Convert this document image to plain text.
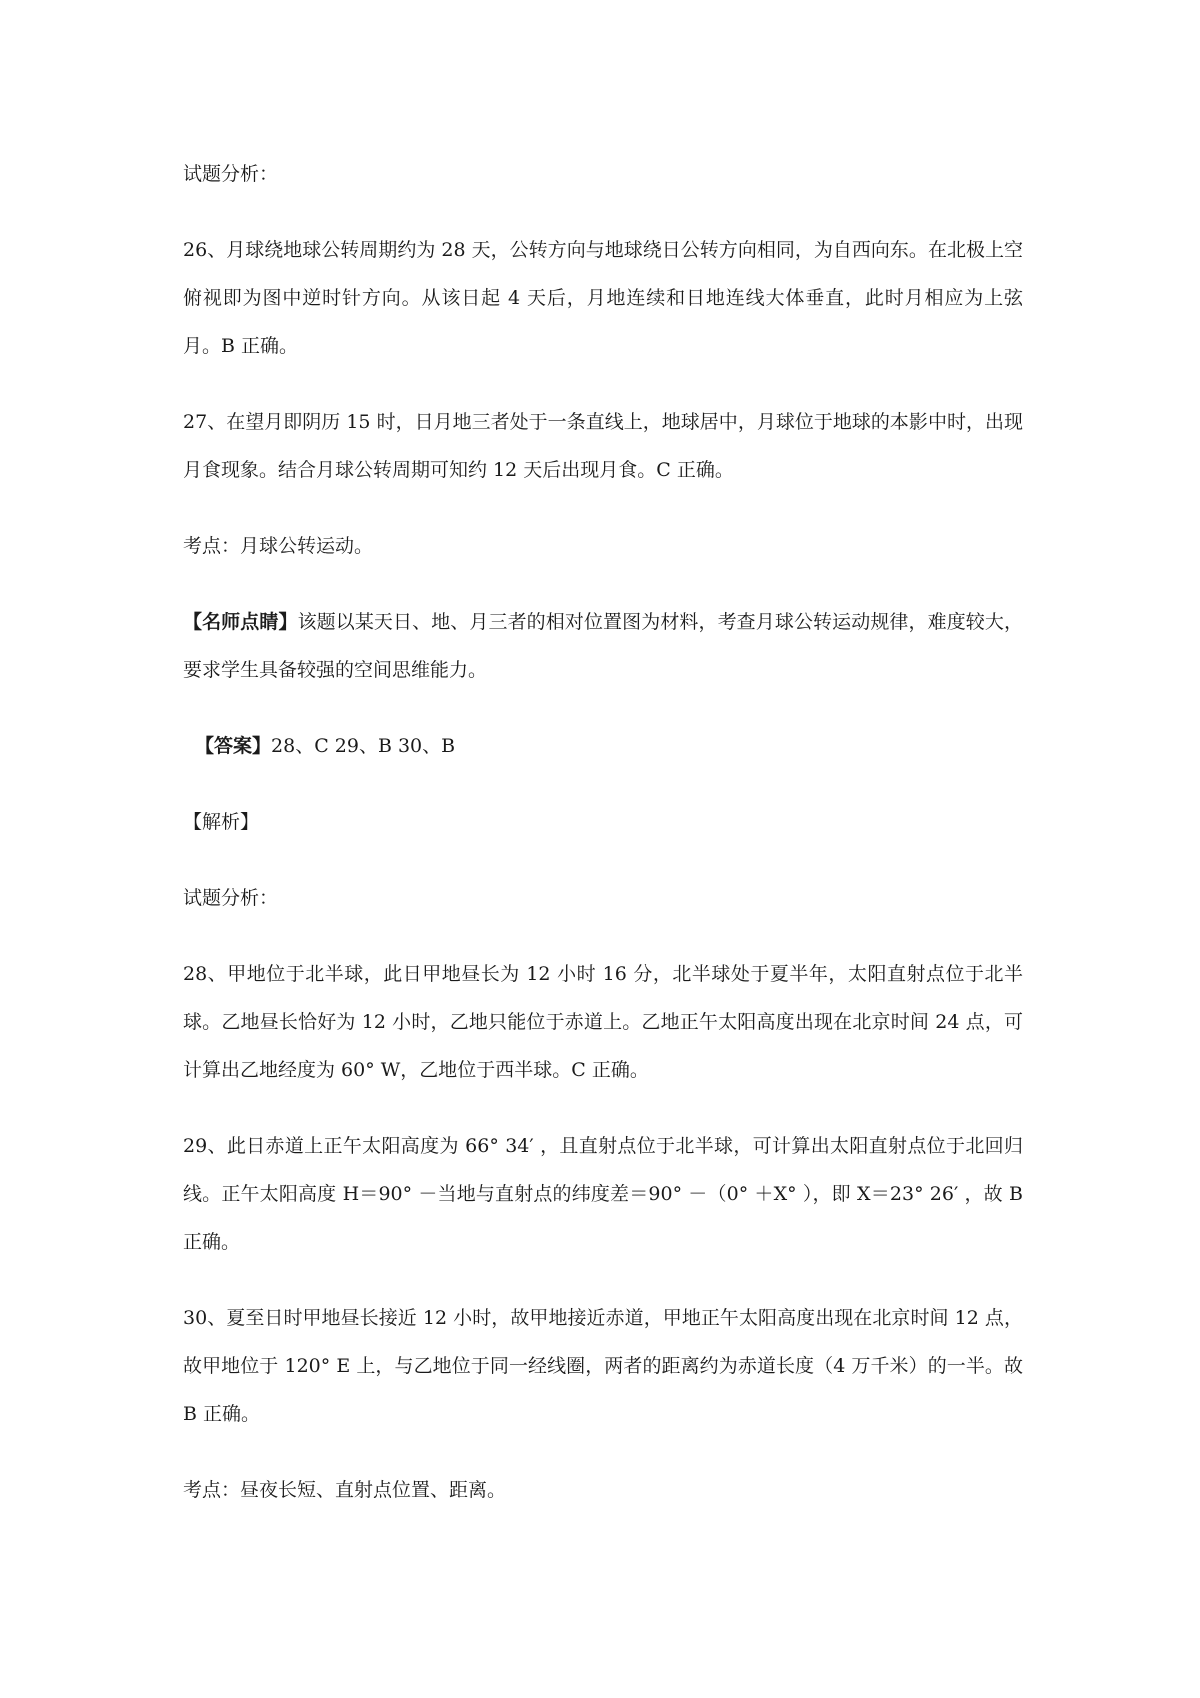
试题分析：

26、月球绕地球公转周期约为 28 天，公转方向与地球绕日公转方向相同，为自西向东。在北极上空俯视即为图中逆时针方向。从该日起 4 天后，月地连续和日地连线大体垂直，此时月相应为上弦月。B 正确。

27、在望月即阴历 15 时，日月地三者处于一条直线上，地球居中，月球位于地球的本影中时，出现月食现象。结合月球公转周期可知约 12 天后出现月食。C 正确。

考点：月球公转运动。

【名师点睛】该题以某天日、地、月三者的相对位置图为材料，考查月球公转运动规律，难度较大，要求学生具备较强的空间思维能力。

【答案】28、C 29、B 30、B

【解析】

试题分析：

28、甲地位于北半球，此日甲地昼长为 12 小时 16 分，北半球处于夏半年，太阳直射点位于北半球。乙地昼长恰好为 12 小时，乙地只能位于赤道上。乙地正午太阳高度出现在北京时间 24 点，可计算出乙地经度为 60° W，乙地位于西半球。C 正确。

29、此日赤道上正午太阳高度为 66° 34′ ，且直射点位于北半球，可计算出太阳直射点位于北回归线。正午太阳高度 H＝90° －当地与直射点的纬度差＝90° －（0° ＋X° ），即 X＝23° 26′ ，故 B 正确。

30、夏至日时甲地昼长接近 12 小时，故甲地接近赤道，甲地正午太阳高度出现在北京时间 12 点，故甲地位于 120° E 上，与乙地位于同一经线圈，两者的距离约为赤道长度（4 万千米）的一半。故 B 正确。

考点：昼夜长短、直射点位置、距离。
